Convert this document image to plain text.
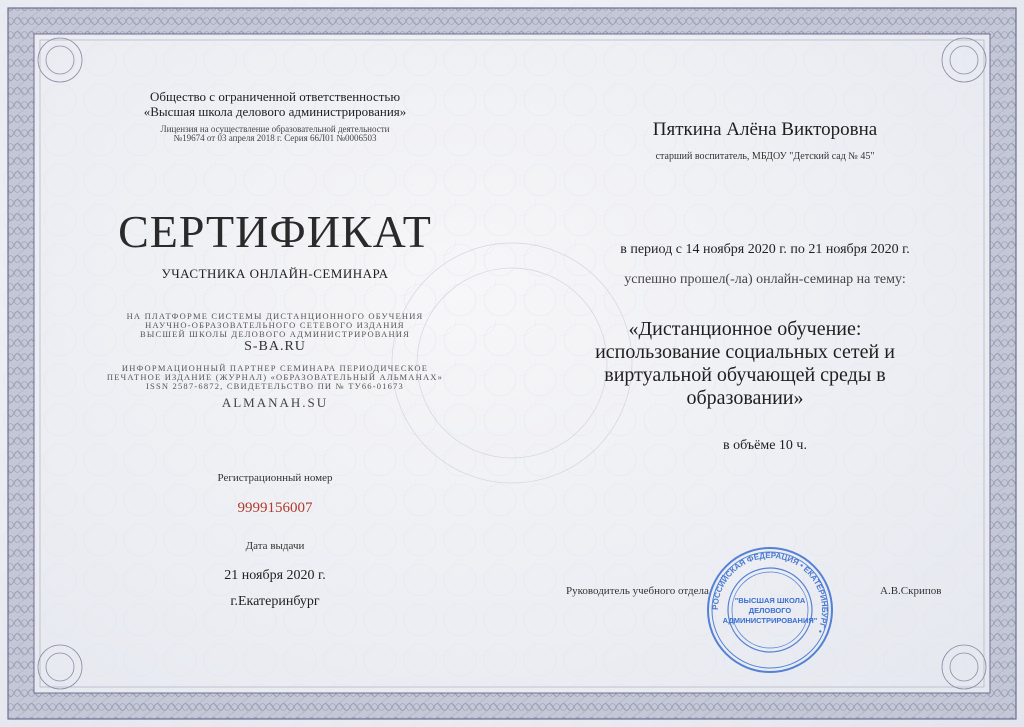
Общество с ограниченной ответственностью
«Высшая школа делового администрирования»
Лицензия на осуществление образовательной деятельности
№19674 от 03 апреля 2018 г. Серия 66Л01 №0006503
СЕРТИФИКАТ
УЧАСТНИКА ОНЛАЙН-СЕМИНАРА
НА ПЛАТФОРМЕ СИСТЕМЫ ДИСТАНЦИОННОГО ОБУЧЕНИЯ
НАУЧНО-ОБРАЗОВАТЕЛЬНОГО СЕТЕВОГО ИЗДАНИЯ
ВЫСШЕЙ ШКОЛЫ ДЕЛОВОГО АДМИНИСТРИРОВАНИЯ
S-BA.RU
ИНФОРМАЦИОННЫЙ ПАРТНЕР СЕМИНАРА ПЕРИОДИЧЕСКОЕ
ПЕЧАТНОЕ ИЗДАНИЕ (ЖУРНАЛ) «ОБРАЗОВАТЕЛЬНЫЙ АЛЬМАНАХ»
ISSN 2587-6872, СВИДЕТЕЛЬСТВО ПИ № ТУ66-01673
ALMANAH.SU
Регистрационный номер
9999156007
Дата выдачи
21 ноября 2020 г.
г.Екатеринбург
Пяткина Алёна Викторовна
старший воспитатель, МБДОУ "Детский сад № 45"
в период с 14 ноября 2020 г. по 21 ноября 2020 г.
успешно прошел(-ла) онлайн-семинар на тему:
«Дистанционное обучение: использование социальных сетей и виртуальной обучающей среды в образовании»
в объёме 10 ч.
Руководитель учебного отдела	А.В.Скрипов
РОССИЙСКАЯ ФЕДЕРАЦИЯ • ЕКАТЕРИНБУРГ •
"ВЫСШАЯ ШКОЛА
ДЕЛОВОГО
АДМИНИСТРИРОВАНИЯ"
